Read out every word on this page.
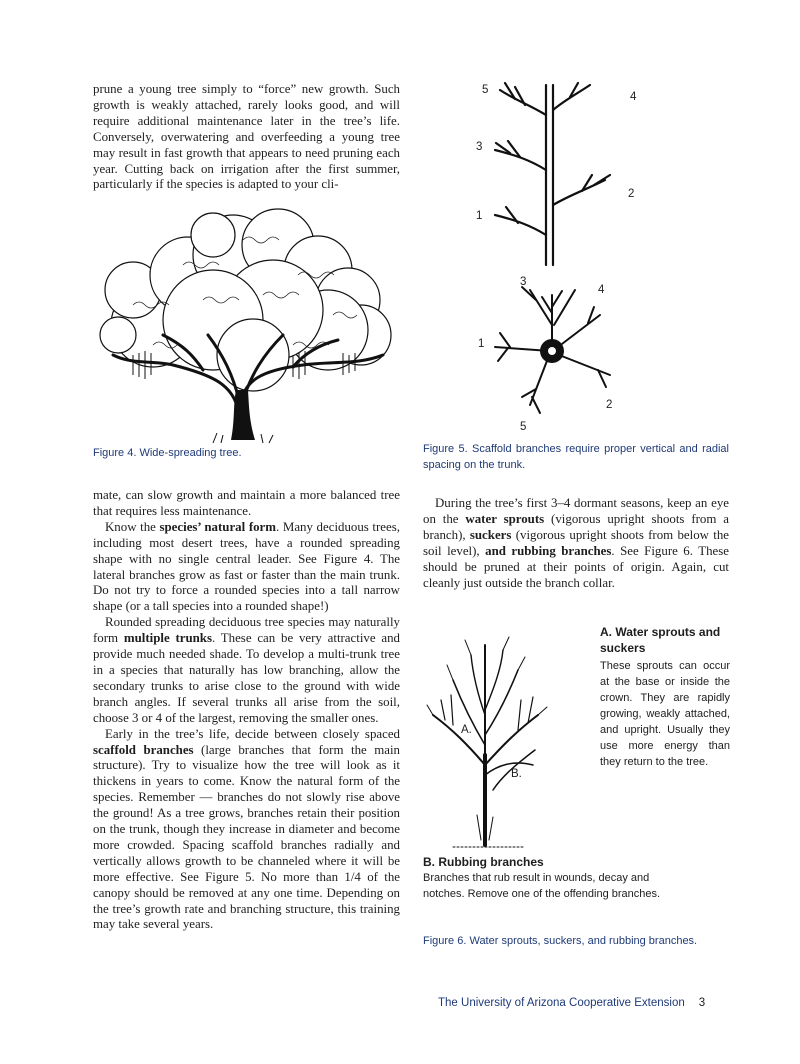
prune a young tree simply to “force” new growth. Such growth is weakly attached, rarely looks good, and will require additional maintenance later in the tree’s life. Conversely, overwatering and overfeeding a young tree may result in fast growth that appears to need pruning each year. Cutting back on irrigation after the first summer, particularly if the species is adapted to your cli-

Figure 4. Wide-spreading tree.

mate, can slow growth and maintain a more balanced tree that requires less maintenance.

Know the species’ natural form. Many deciduous trees, including most desert trees, have a rounded spreading shape with no single central leader. See Figure 4. The lateral branches grow as fast or faster than the main trunk. Do not try to force a rounded species into a tall narrow shape (or a tall species into a rounded shape!)

Rounded spreading deciduous tree species may naturally form multiple trunks. These can be very attractive and provide much needed shade. To develop a multi-trunk tree in a species that naturally has low branching, allow the secondary trunks to arise close to the ground with wide branch angles. If several trunks all arise from the soil, choose 3 or 4 of the largest, removing the smaller ones.

Early in the tree’s life, decide between closely spaced scaffold branches (large branches that form the main structure). Try to visualize how the tree will look as it thickens in years to come. Know the natural form of the species. Remember — branches do not slowly rise above the ground! As a tree grows, branches retain their position on the trunk, though they increase in diameter and become more crowded. Spacing scaffold branches radially and vertically allows growth to be channeled where it will be more effective. See Figure 5. No more than 1/4 of the canopy should be removed at any one time. Depending on the tree’s growth rate and branching structure, this training may take several years.

5
4
3
2
1
3
4
1
2
5
Figure 5. Scaffold branches require proper vertical and radial spacing on the trunk.

During the tree’s first 3–4 dormant seasons, keep an eye on the water sprouts (vigorous upright shoots from a branch), suckers (vigorous upright shoots from below the soil level), and rubbing branches. See Figure 6. These should be pruned at their points of origin. Again, cut cleanly just outside the branch collar.

A.
B.
A. Water sprouts and suckers
These sprouts can occur at the base or inside the crown. They are rapidly growing, weakly attached, and upright. Usually they use more energy than they return to the tree.
B. Rubbing branches
Branches that rub result in wounds, decay and notches. Remove one of the offending branches.
Figure 6. Water sprouts, suckers, and rubbing branches.
The University of Arizona Cooperative Extension 3
